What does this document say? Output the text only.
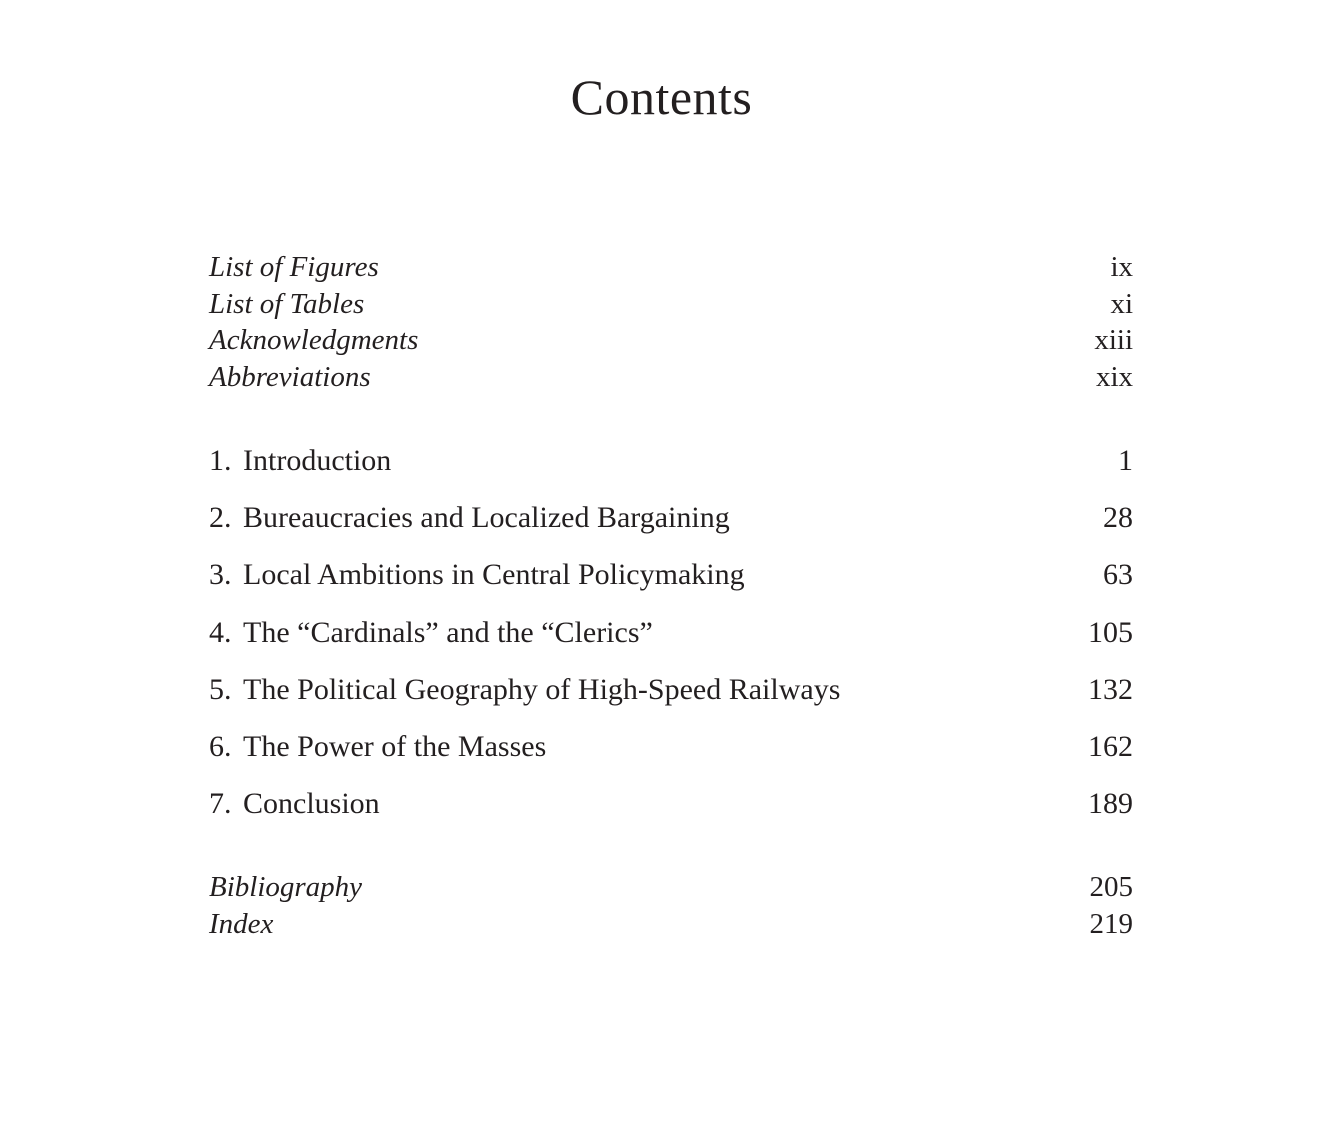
Contents
List of Figures	ix
List of Tables	xi
Acknowledgments	xiii
Abbreviations	xix
1. Introduction	1
2. Bureaucracies and Localized Bargaining	28
3. Local Ambitions in Central Policymaking	63
4. The “Cardinals” and the “Clerics”	105
5. The Political Geography of High-Speed Railways	132
6. The Power of the Masses	162
7. Conclusion	189
Bibliography	205
Index	219
